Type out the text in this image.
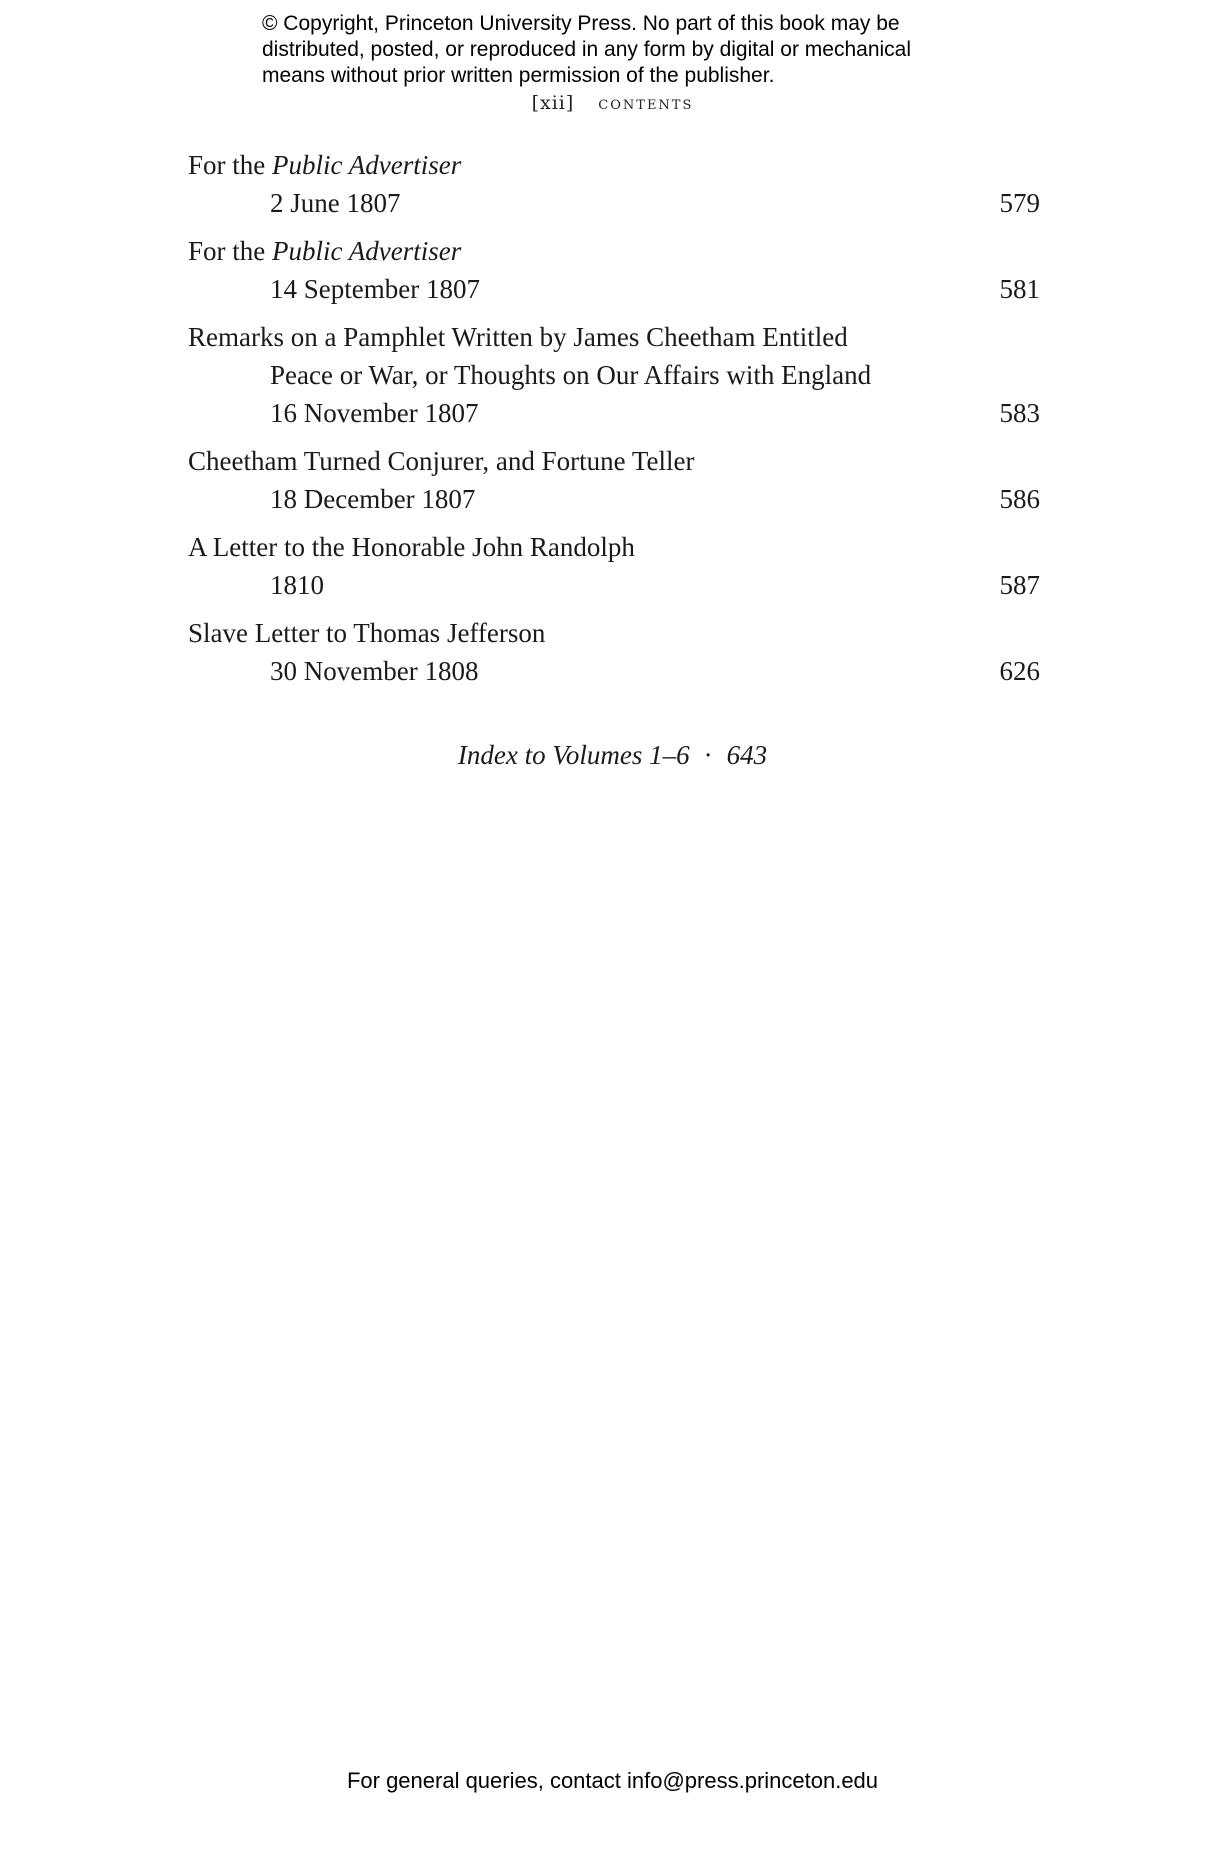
© Copyright, Princeton University Press. No part of this book may be
distributed, posted, or reproduced in any form by digital or mechanical
means without prior written permission of the publisher.
[xii] contents
For the Public Advertiser
2 June 1807	579
For the Public Advertiser
14 September 1807	581
Remarks on a Pamphlet Written by James Cheetham Entitled
Peace or War, or Thoughts on Our Affairs with England
16 November 1807	583
Cheetham Turned Conjurer, and Fortune Teller
18 December 1807	586
A Letter to the Honorable John Randolph
1810	587
Slave Letter to Thomas Jefferson
30 November 1808	626
Index to Volumes 1–6 · 643
For general queries, contact info@press.princeton.edu
